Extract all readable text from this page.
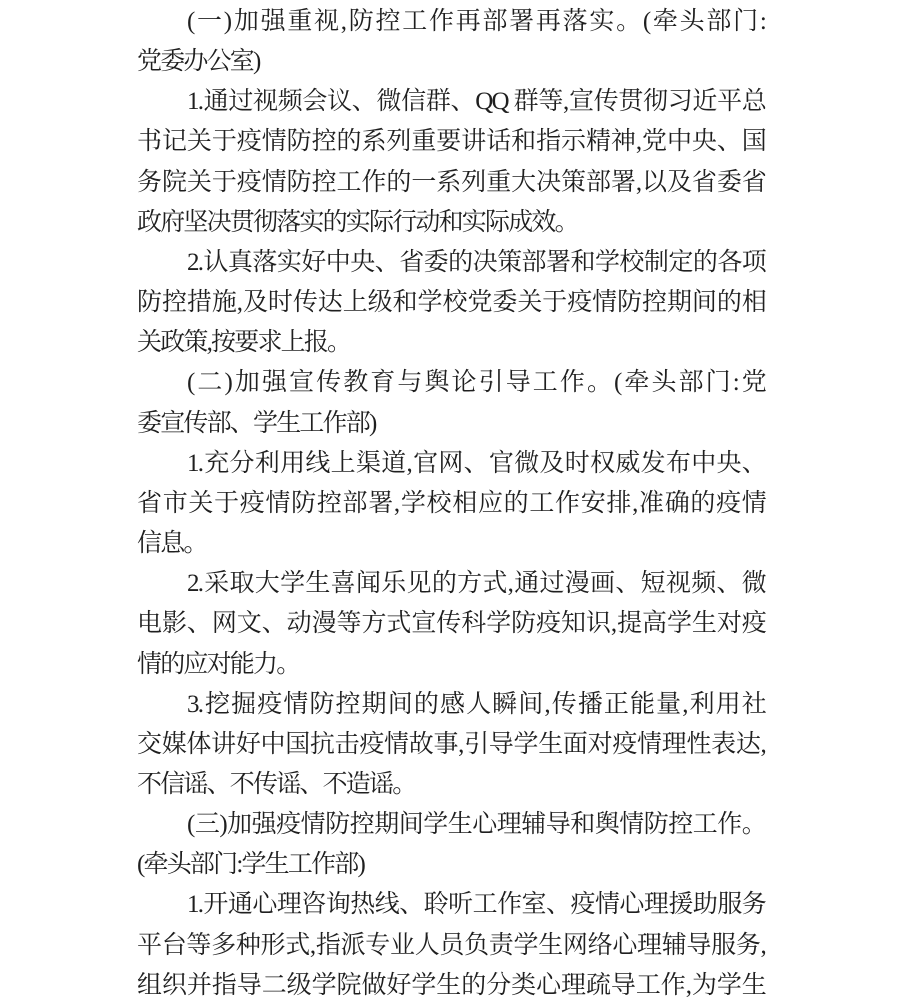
(一)加强重视,防控工作再部署再落实。(牵头部门:
党委办公室)
1.通过视频会议、微信群、QQ 群等,宣传贯彻习近平总
书记关于疫情防控的系列重要讲话和指示精神,党中央、国
务院关于疫情防控工作的一系列重大决策部署,以及省委省
政府坚决贯彻落实的实际行动和实际成效。
2.认真落实好中央、省委的决策部署和学校制定的各项
防控措施,及时传达上级和学校党委关于疫情防控期间的相
关政策,按要求上报。
(二)加强宣传教育与舆论引导工作。(牵头部门:党
委宣传部、学生工作部)
1.充分利用线上渠道,官网、官微及时权威发布中央、
省市关于疫情防控部署,学校相应的工作安排,准确的疫情
信息。
2.采取大学生喜闻乐见的方式,通过漫画、短视频、微
电影、网文、动漫等方式宣传科学防疫知识,提高学生对疫
情的应对能力。
3.挖掘疫情防控期间的感人瞬间,传播正能量,利用社
交媒体讲好中国抗击疫情故事,引导学生面对疫情理性表达,
不信谣、不传谣、不造谣。
(三)加强疫情防控期间学生心理辅导和舆情防控工作。
(牵头部门:学生工作部)
1.开通心理咨询热线、聆听工作室、疫情心理援助服务
平台等多种形式,指派专业人员负责学生网络心理辅导服务,
组织并指导二级学院做好学生的分类心理疏导工作,为学生
